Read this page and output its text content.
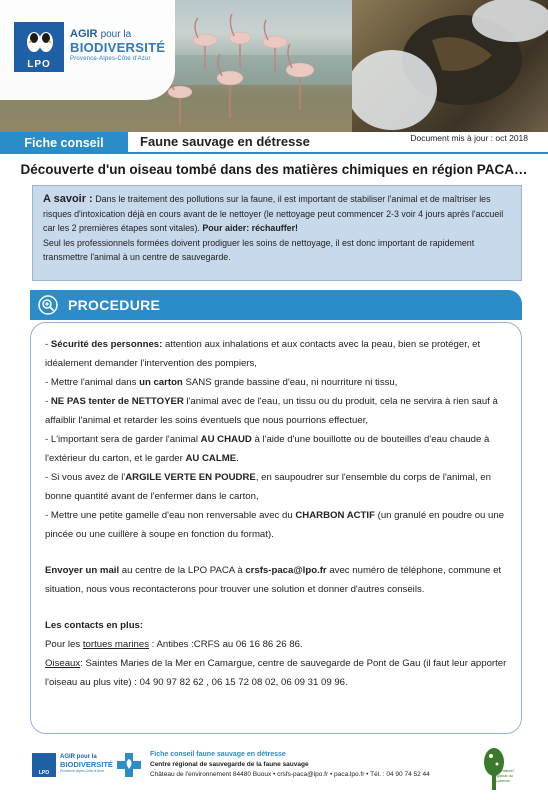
LPO
AGIR pour la
BIODIVERSITÉ
Provence-Alpes-Côte d'Azur
Fiche conseil	Faune sauvage en détresse	Document mis à jour : oct 2018
Découverte d'un oiseau tombé dans des matières chimiques en région PACA…

A savoir : Dans le traitement des pollutions sur la faune, il est important de stabiliser l'animal et de maîtriser les risques d'intoxication déjà en cours avant de le nettoyer (le nettoyage peut commencer 2-3 voir 4 jours après l'accueil car les 2 premières étapes sont vitales). Pour aider: réchauffer!

Seul les professionnels formées doivent prodiguer les soins de nettoyage, il est donc important de rapidement transmettre l'animal à un centre de sauvegarde.

PROCEDURE

- Sécurité des personnes: attention aux inhalations et aux contacts avec la peau, bien se protéger, et idéalement demander l'intervention des pompiers,

- Mettre l'animal dans un carton SANS grande bassine d'eau, ni nourriture ni tissu,

- NE PAS tenter de NETTOYER l'animal avec de l'eau, un tissu ou du produit, cela ne servira à rien sauf à affaiblir l'animal et retarder les soins éventuels que nous pourrions effectuer,

- L'important sera de garder l'animal AU CHAUD à l'aide d'une bouillotte ou de bouteilles d'eau chaude à l'extérieur du carton, et le garder AU CALME.

- Si vous avez de l'ARGILE VERTE EN POUDRE, en saupoudrer sur l'ensemble du corps de l'animal, en bonne quantité avant de l'enfermer dans le carton,

- Mettre une petite gamelle d'eau non renversable avec du CHARBON ACTIF (un granulé en poudre ou une pincée ou une cuillère à soupe en fonction du format).

Envoyer un mail au centre de la LPO PACA à crsfs-paca@lpo.fr avec numéro de téléphone, commune et situation, nous vous recontacterons pour trouver une solution et donner d'autres conseils.

Les contacts en plus:

Pour les tortues marines : Antibes :CRFS au 06 16 86 26 86.

Oiseaux: Saintes Maries de la Mer en Camargue, centre de sauvegarde de Pont de Gau (il faut leur apporter l'oiseau au plus vite) : 04 90 97 82 62 , 06 15 72 08 02, 06 09 31 09 96.

LPO
AGIR pour la
BIODIVERSITÉ
Provence-Alpes-Côte d'Azur
Fiche conseil faune sauvage en détresse
Centre régional de sauvegarde de la faune sauvage
Château de l'environnement 84480 Buoux • crsfs-paca@lpo.fr • paca.lpo.fr • Tél. : 04 90 74 52 44
Parc naturel régional du Luberon
